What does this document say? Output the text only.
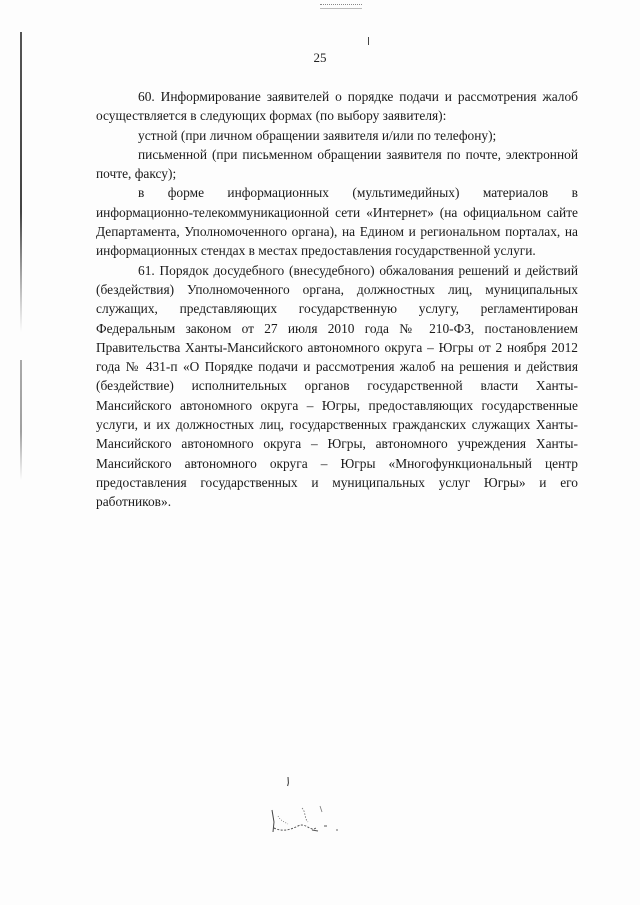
25

60. Информирование заявителей о порядке подачи и рассмотрения жалоб осуществляется в следующих формах (по выбору заявителя):

устной (при личном обращении заявителя и/или по телефону);

письменной (при письменном обращении заявителя по почте, электронной почте, факсу);

в форме информационных (мультимедийных) материалов в информационно-телекоммуникационной сети «Интернет» (на официальном сайте Департамента, Уполномоченного органа), на Едином и региональном порталах, на информационных стендах в местах предоставления государственной услуги.

61. Порядок досудебного (внесудебного) обжалования решений и действий (бездействия) Уполномоченного органа, должностных лиц, муниципальных служащих, представляющих государственную услугу, регламентирован Федеральным законом от 27 июля 2010 года № 210-ФЗ, постановлением Правительства Ханты-Мансийского автономного округа – Югры от 2 ноября 2012 года № 431-п «О Порядке подачи и рассмотрения жалоб на решения и действия (бездействие) исполнительных органов государственной власти Ханты-Мансийского автономного округа – Югры, предоставляющих государственные услуги, и их должностных лиц, государственных гражданских служащих Ханты-Мансийского автономного округа – Югры, автономного учреждения Ханты-Мансийского автономного округа – Югры «Многофункциональный центр предоставления государственных и муниципальных услуг Югры» и его работников».
